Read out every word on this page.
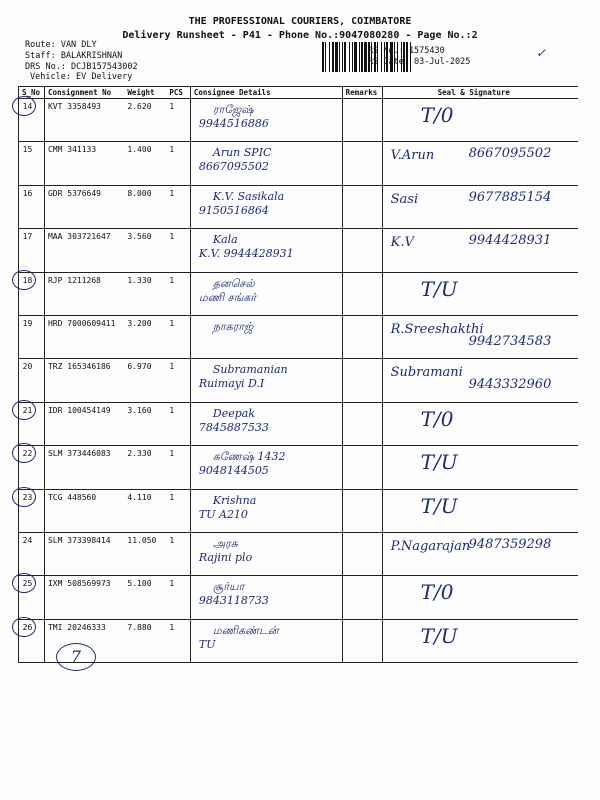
THE PROFESSIONAL COURIERS, COIMBATORE
Delivery Runsheet - P41 - Phone No.:9047080280 - Page No.:2
Route: VAN DLY
Staff: BALAKRISHNAN
DRS No.: DCJB157543002
Vehicle: EV Delivery
RS No.: 1575430
RS Date: 03-Jul-2025
✓
S_No	Consignment No	Weight	PCS	Consignee Details	Remarks	Seal & Signature

14	KVT 3358493	2.620	1	ராஜேஷ்
9944516886		T/0

15	CMM 341133	1.400	1	Arun SPIC
8667095502		V.Arun 8667095502

16	GDR 5376649	8.000	1	K.V. Sasikala
9150516864		Sasi 9677885154

17	MAA 303721647	3.560	1	Kala
K.V. 9944428931		K.V 9944428931

18	RJP 1211268	1.330	1	தனசெல்
மணி சங்கர்		T/U

19	HRD 7000609411	3.200	1	நாகராஜ்		R.Sreeshakthi
9942734583

20	TRZ 165346186	6.970	1	Subramanian
Ruimayi D.I		Subramani
9443332960

21	IDR 100454149	3.160	1	Deepak
7845887533		T/0

22	SLM 373446083	2.330	1	கணேஷ் 1432
9048144505		T/U

23	TCG 448560	4.110	1	Krishna
TU A210		T/U

24	SLM 373398414	11.050	1	அரசு
Rajini plo		P.Nagarajan
9487359298

25	IXM 508569973	5.100	1	சூர்யா
9843118733		T/0

26	TMI 20246333	7.880	1	மணிகண்டன்
TU		T/U
7
